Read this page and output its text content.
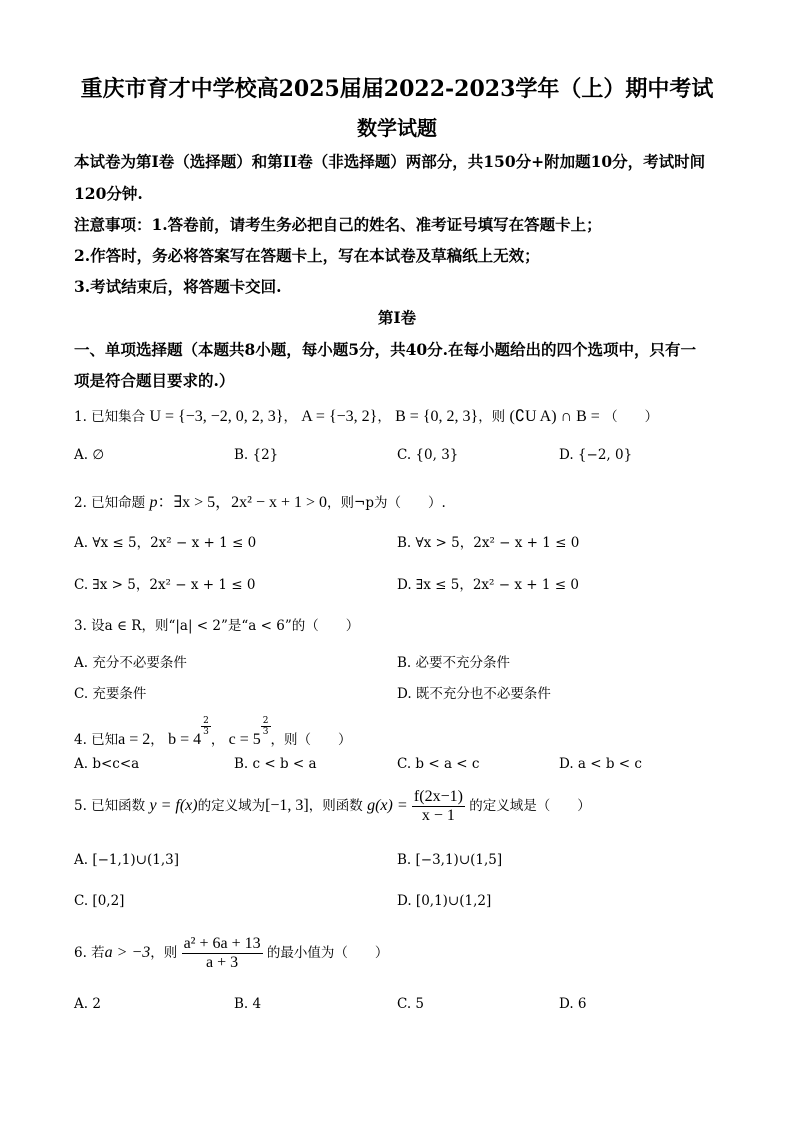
重庆市育才中学校高2025届届2022-2023学年（上）期中考试
数学试题
本试卷为第I卷（选择题）和第II卷（非选择题）两部分，共150分+附加题10分，考试时间
120分钟.
注意事项：1.答卷前，请考生务必把自己的姓名、准考证号填写在答题卡上；
2.作答时，务必将答案写在答题卡上，写在本试卷及草稿纸上无效；
3.考试结束后，将答题卡交回.
第I卷
一、单项选择题（本题共8小题，每小题5分，共40分.在每小题给出的四个选项中，只有一
项是符合题目要求的.）
1. 已知集合 U = {−3, −2, 0, 2, 3}， A = {−3, 2}， B = {0, 2, 3}，则 (∁U A) ∩ B = （　　）
A. ∅	B. {2}	C. {0, 3}	D. {−2, 0}
2. 已知命题 p：∃x > 5，2x² − x + 1 > 0，则¬p为（　　）.
A. ∀x ≤ 5，2x² − x + 1 ≤ 0	B. ∀x > 5，2x² − x + 1 ≤ 0
C. ∃x > 5，2x² − x + 1 ≤ 0	D. ∃x ≤ 5，2x² − x + 1 ≤ 0
3. 设a ∈ R，则“|a| < 2”是“a < 6”的（　　）
A. 充分不必要条件	B. 必要不充分条件
C. 充要条件	D. 既不充分也不必要条件
4. 已知a = 2， b = 4
$\frac{2}{3}$
， c = 5
$\frac{2}{3}$
，则（　　）
A. b<c<a	B. c < b < a	C. b < a < c	D. a < b < c
5. 已知函数 y = f(x)的定义域为[−1, 3]，则函数 $g(x) = \frac{f(2x-1)}{x - 1}$ 的定义域是（　　）
A. [−1,1)∪(1,3]	B. [−3,1)∪(1,5]
C. [0,2]	D. [0,1)∪(1,2]
6. 若a > −3，则 $\frac{\text{a² + 6a + 13}}{a + 3}$ 的最小值为（　　）
A. 2	B. 4	C. 5	D. 6
